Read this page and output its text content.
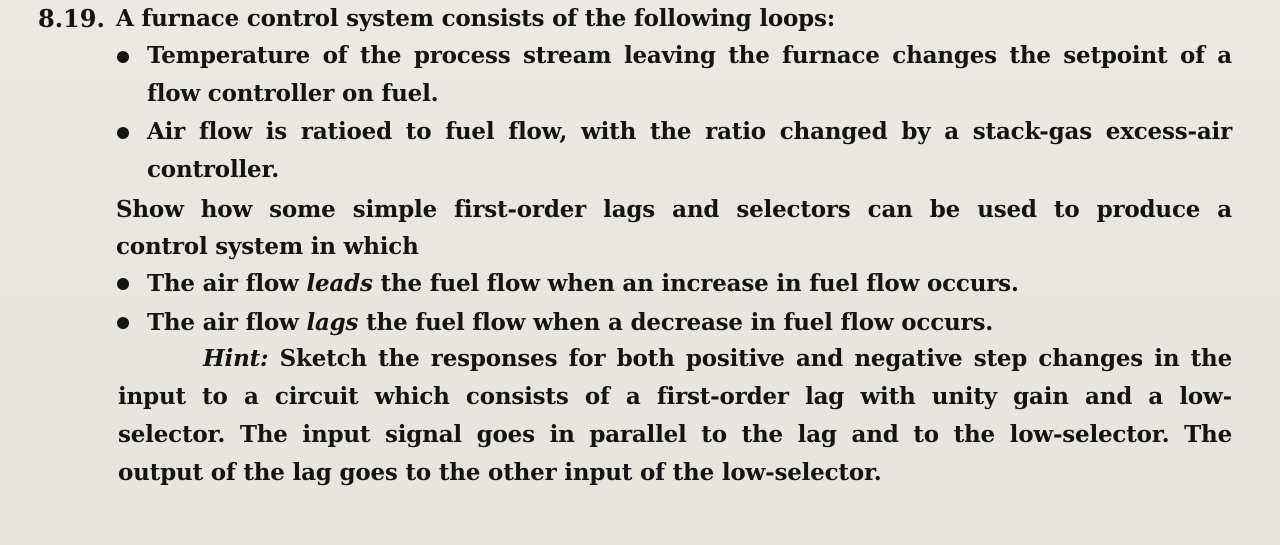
8.19. A furnace control system consists of the following loops:
Temperature of the process stream leaving the furnace changes the setpoint of a
flow controller on fuel.
Air flow is ratioed to fuel flow, with the ratio changed by a stack-gas excess-air
controller.
Show how some simple first-order lags and selectors can be used to produce a
control system in which
The air flow leads the fuel flow when an increase in fuel flow occurs.
The air flow lags the fuel flow when a decrease in fuel flow occurs.
Hint: Sketch the responses for both positive and negative step changes in the
input to a circuit which consists of a first-order lag with unity gain and a low-
selector. The input signal goes in parallel to the lag and to the low-selector. The
output of the lag goes to the other input of the low-selector.
